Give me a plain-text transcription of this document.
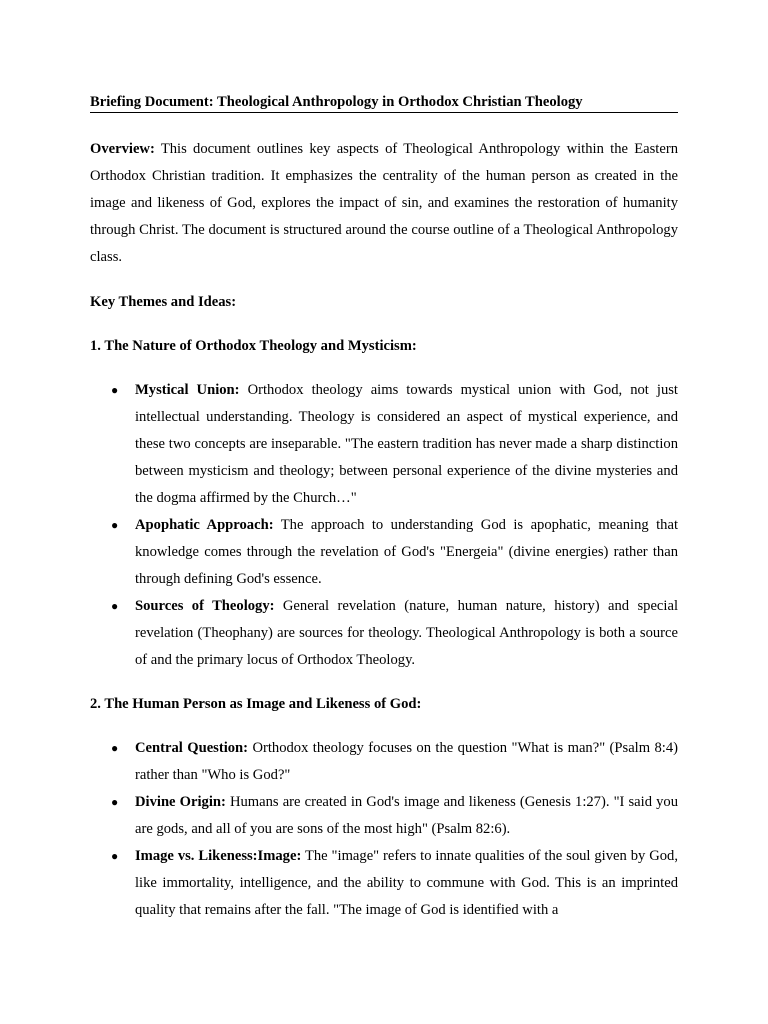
Briefing Document: Theological Anthropology in Orthodox Christian Theology

Overview: This document outlines key aspects of Theological Anthropology within the Eastern Orthodox Christian tradition. It emphasizes the centrality of the human person as created in the image and likeness of God, explores the impact of sin, and examines the restoration of humanity through Christ. The document is structured around the course outline of a Theological Anthropology class.

Key Themes and Ideas:
1. The Nature of Orthodox Theology and Mysticism:
● Mystical Union: Orthodox theology aims towards mystical union with God, not just intellectual understanding. Theology is considered an aspect of mystical experience, and these two concepts are inseparable. "The eastern tradition has never made a sharp distinction between mysticism and theology; between personal experience of the divine mysteries and the dogma affirmed by the Church…"
● Apophatic Approach: The approach to understanding God is apophatic, meaning that knowledge comes through the revelation of God's "Energeia" (divine energies) rather than through defining God's essence.
● Sources of Theology: General revelation (nature, human nature, history) and special revelation (Theophany) are sources for theology. Theological Anthropology is both a source of and the primary locus of Orthodox Theology.
2. The Human Person as Image and Likeness of God:
● Central Question: Orthodox theology focuses on the question "What is man?" (Psalm 8:4) rather than "Who is God?"
● Divine Origin: Humans are created in God's image and likeness (Genesis 1:27). "I said you are gods, and all of you are sons of the most high" (Psalm 82:6).
● Image vs. Likeness:Image: The "image" refers to innate qualities of the soul given by God, like immortality, intelligence, and the ability to commune with God. This is an imprinted quality that remains after the fall. "The image of God is identified with a
